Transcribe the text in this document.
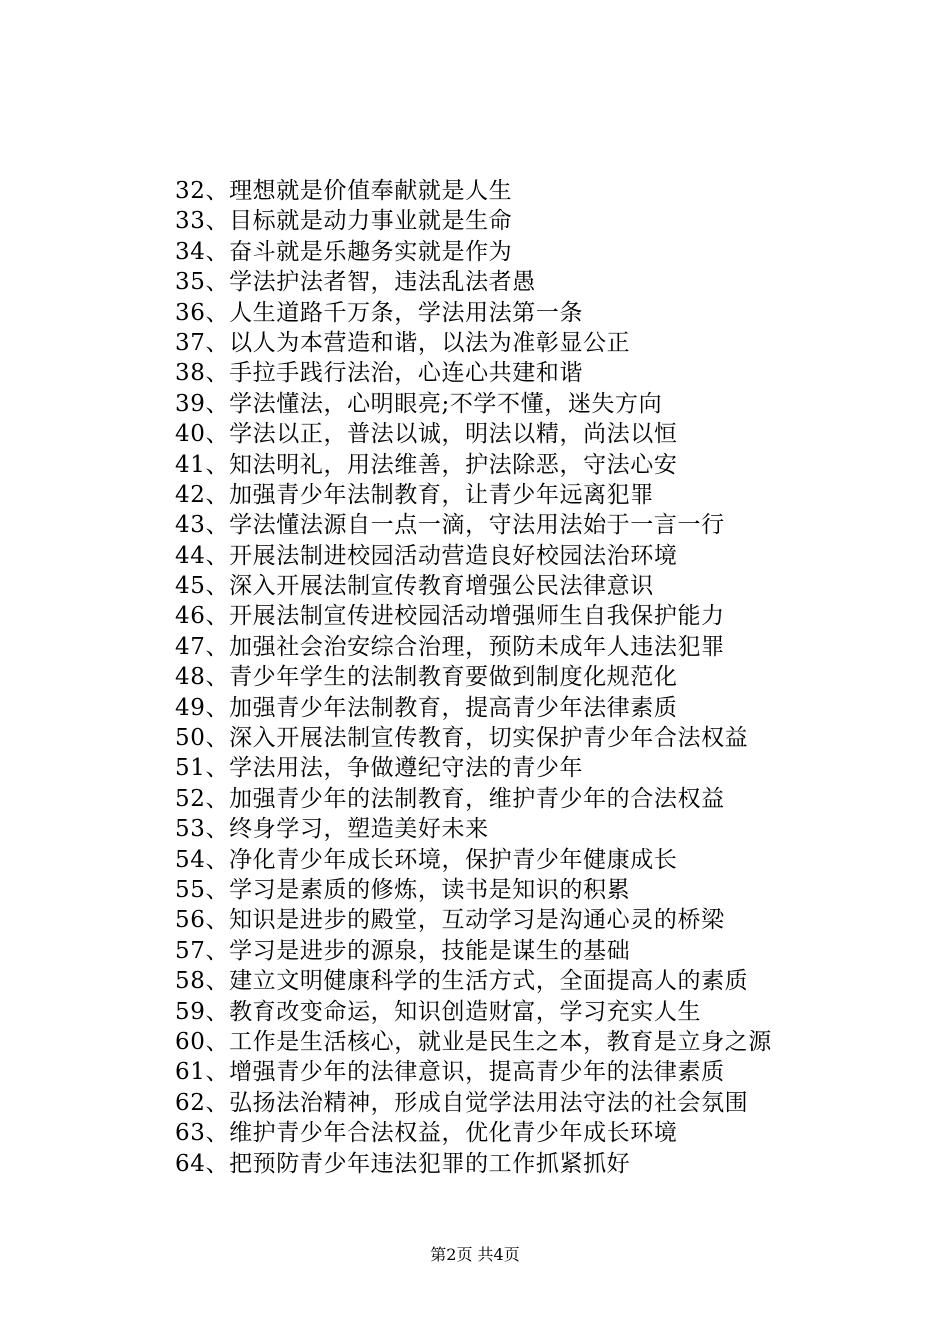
32、理想就是价值奉献就是人生
33、目标就是动力事业就是生命
34、奋斗就是乐趣务实就是作为
35、学法护法者智，违法乱法者愚
36、人生道路千万条，学法用法第一条
37、以人为本营造和谐，以法为准彰显公正
38、手拉手践行法治，心连心共建和谐
39、学法懂法，心明眼亮;不学不懂，迷失方向
40、学法以正，普法以诚，明法以精，尚法以恒
41、知法明礼，用法维善，护法除恶，守法心安
42、加强青少年法制教育，让青少年远离犯罪
43、学法懂法源自一点一滴，守法用法始于一言一行
44、开展法制进校园活动营造良好校园法治环境
45、深入开展法制宣传教育增强公民法律意识
46、开展法制宣传进校园活动增强师生自我保护能力
47、加强社会治安综合治理，预防未成年人违法犯罪
48、青少年学生的法制教育要做到制度化规范化
49、加强青少年法制教育，提高青少年法律素质
50、深入开展法制宣传教育，切实保护青少年合法权益
51、学法用法，争做遵纪守法的青少年
52、加强青少年的法制教育，维护青少年的合法权益
53、终身学习，塑造美好未来
54、净化青少年成长环境，保护青少年健康成长
55、学习是素质的修炼，读书是知识的积累
56、知识是进步的殿堂，互动学习是沟通心灵的桥梁
57、学习是进步的源泉，技能是谋生的基础
58、建立文明健康科学的生活方式，全面提高人的素质
59、教育改变命运，知识创造财富，学习充实人生
60、工作是生活核心，就业是民生之本，教育是立身之源
61、增强青少年的法律意识，提高青少年的法律素质
62、弘扬法治精神，形成自觉学法用法守法的社会氛围
63、维护青少年合法权益，优化青少年成长环境
64、把预防青少年违法犯罪的工作抓紧抓好
第2页 共4页
